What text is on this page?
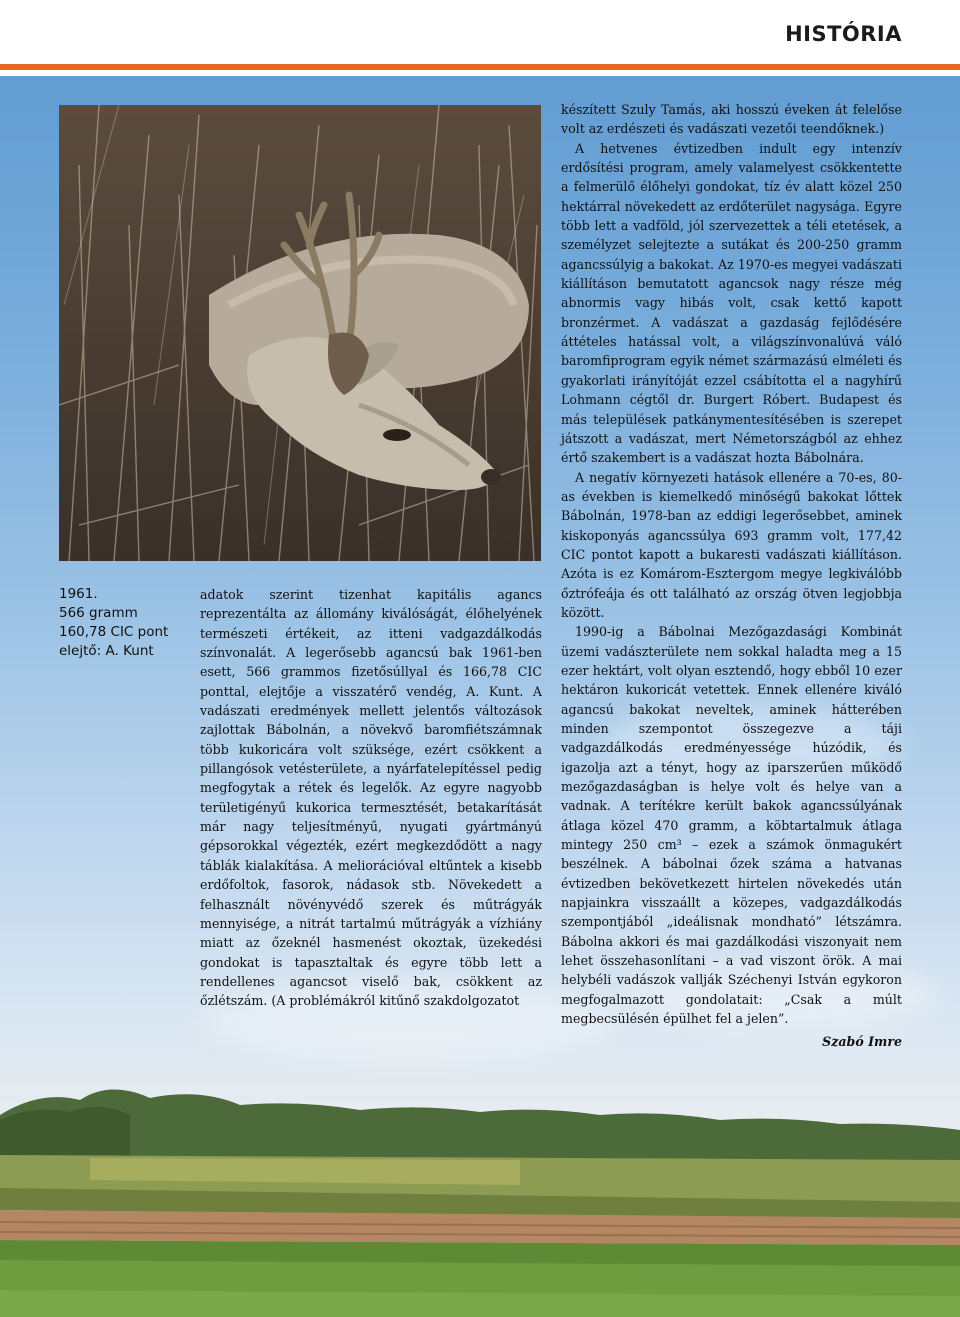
HISTÓRIA
1961.
566 gramm
160,78 CIC pont
elejtő: A. Kunt

adatok szerint tizenhat kapitális agancs reprezentálta az állomány kiválóságát, élőhelyének természeti értékeit, az itteni vadgazdálkodás színvonalát. A legerősebb agancsú bak 1961-ben esett, 566 grammos fizetősúllyal és 166,78 CIC ponttal, elejtője a visszatérő vendég, A. Kunt. A vadászati eredmények mellett jelentős változások zajlottak Bábolnán, a növekvő baromfiétszámnak több kukoricára volt szüksége, ezért csökkent a pillangósok vetésterülete, a nyárfatelepítéssel pedig megfogytak a rétek és legelők. Az egyre nagyobb területigényű kukorica termesztését, betakarítását már nagy teljesítményű, nyugati gyártmányú gépsorokkal végezték, ezért megkezdődött a nagy táblák kialakítása. A meliorációval eltűntek a kisebb erdőfoltok, fasorok, nádasok stb. Növekedett a felhasznált növényvédő szerek és műtrágyák mennyisége, a nitrát tartalmú műtrágyák a vízhiány miatt az őzeknél hasmenést okoztak, üzekedési gondokat is tapasztaltak és egyre több lett a rendellenes agancsot viselő bak, csökkent az őzlétszám. (A problémákról kitűnő szakdolgozatot

készített Szuly Tamás, aki hosszú éveken át felelőse volt az erdészeti és vadászati vezetői teendőknek.)

A hetvenes évtizedben indult egy intenzív erdősítési program, amely valamelyest csökkentette a felmerülő élőhelyi gondokat, tíz év alatt közel 250 hektárral növekedett az erdőterület nagysága. Egyre több lett a vadföld, jól szervezettek a téli etetések, a személyzet selejtezte a sutákat és 200-250 gramm agancssúlyig a bakokat. Az 1970-es megyei vadászati kiállításon bemutatott agancsok nagy része még abnormis vagy hibás volt, csak kettő kapott bronzérmet. A vadászat a gazdaság fejlődésére áttételes hatással volt, a világszínvonalúvá váló baromfiprogram egyik német származású elméleti és gyakorlati irányítóját ezzel csábította el a nagyhírű Lohmann cégtől dr. Burgert Róbert. Budapest és más települések patkánymentesítésében is szerepet játszott a vadászat, mert Németországból az ehhez értő szakembert is a vadászat hozta Bábolnára.

A negatív környezeti hatások ellenére a 70-es, 80-as években is kiemelkedő minőségű bakokat lőttek Bábolnán, 1978-ban az eddigi legerősebbet, aminek kiskoponyás agancssúlya 693 gramm volt, 177,42 CIC pontot kapott a bukaresti vadászati kiállításon. Azóta is ez Komárom-Esztergom megye legkiválóbb őztrófeája és ott található az ország ötven legjobbja között.

1990-ig a Bábolnai Mezőgazdasági Kombinát üzemi vadászterülete nem sokkal haladta meg a 15 ezer hektárt, volt olyan esztendő, hogy ebből 10 ezer hektáron kukoricát vetettek. Ennek ellenére kiváló agancsú bakokat neveltek, aminek hátterében minden szempontot összegezve a táji vadgazdálkodás eredményessége húzódik, és igazolja azt a tényt, hogy az iparszerűen működő mezőgazdaságban is helye volt és helye van a vadnak. A terítékre került bakok agancssúlyának átlaga közel 470 gramm, a köbtartalmuk átlaga mintegy 250 cm³ – ezek a számok önmagukért beszélnek. A bábolnai őzek száma a hatvanas évtizedben bekövetkezett hirtelen növekedés után napjainkra visszaállt a közepes, vadgazdálkodás szempontjából „ideálisnak mondható” létszámra. Bábolna akkori és mai gazdálkodási viszonyait nem lehet összehasonlítani – a vad viszont örök. A mai helybéli vadászok vallják Széchenyi István egykoron megfogalmazott gondolatait: „Csak a múlt megbecsülésén épülhet fel a jelen”.

Szabó Imre
